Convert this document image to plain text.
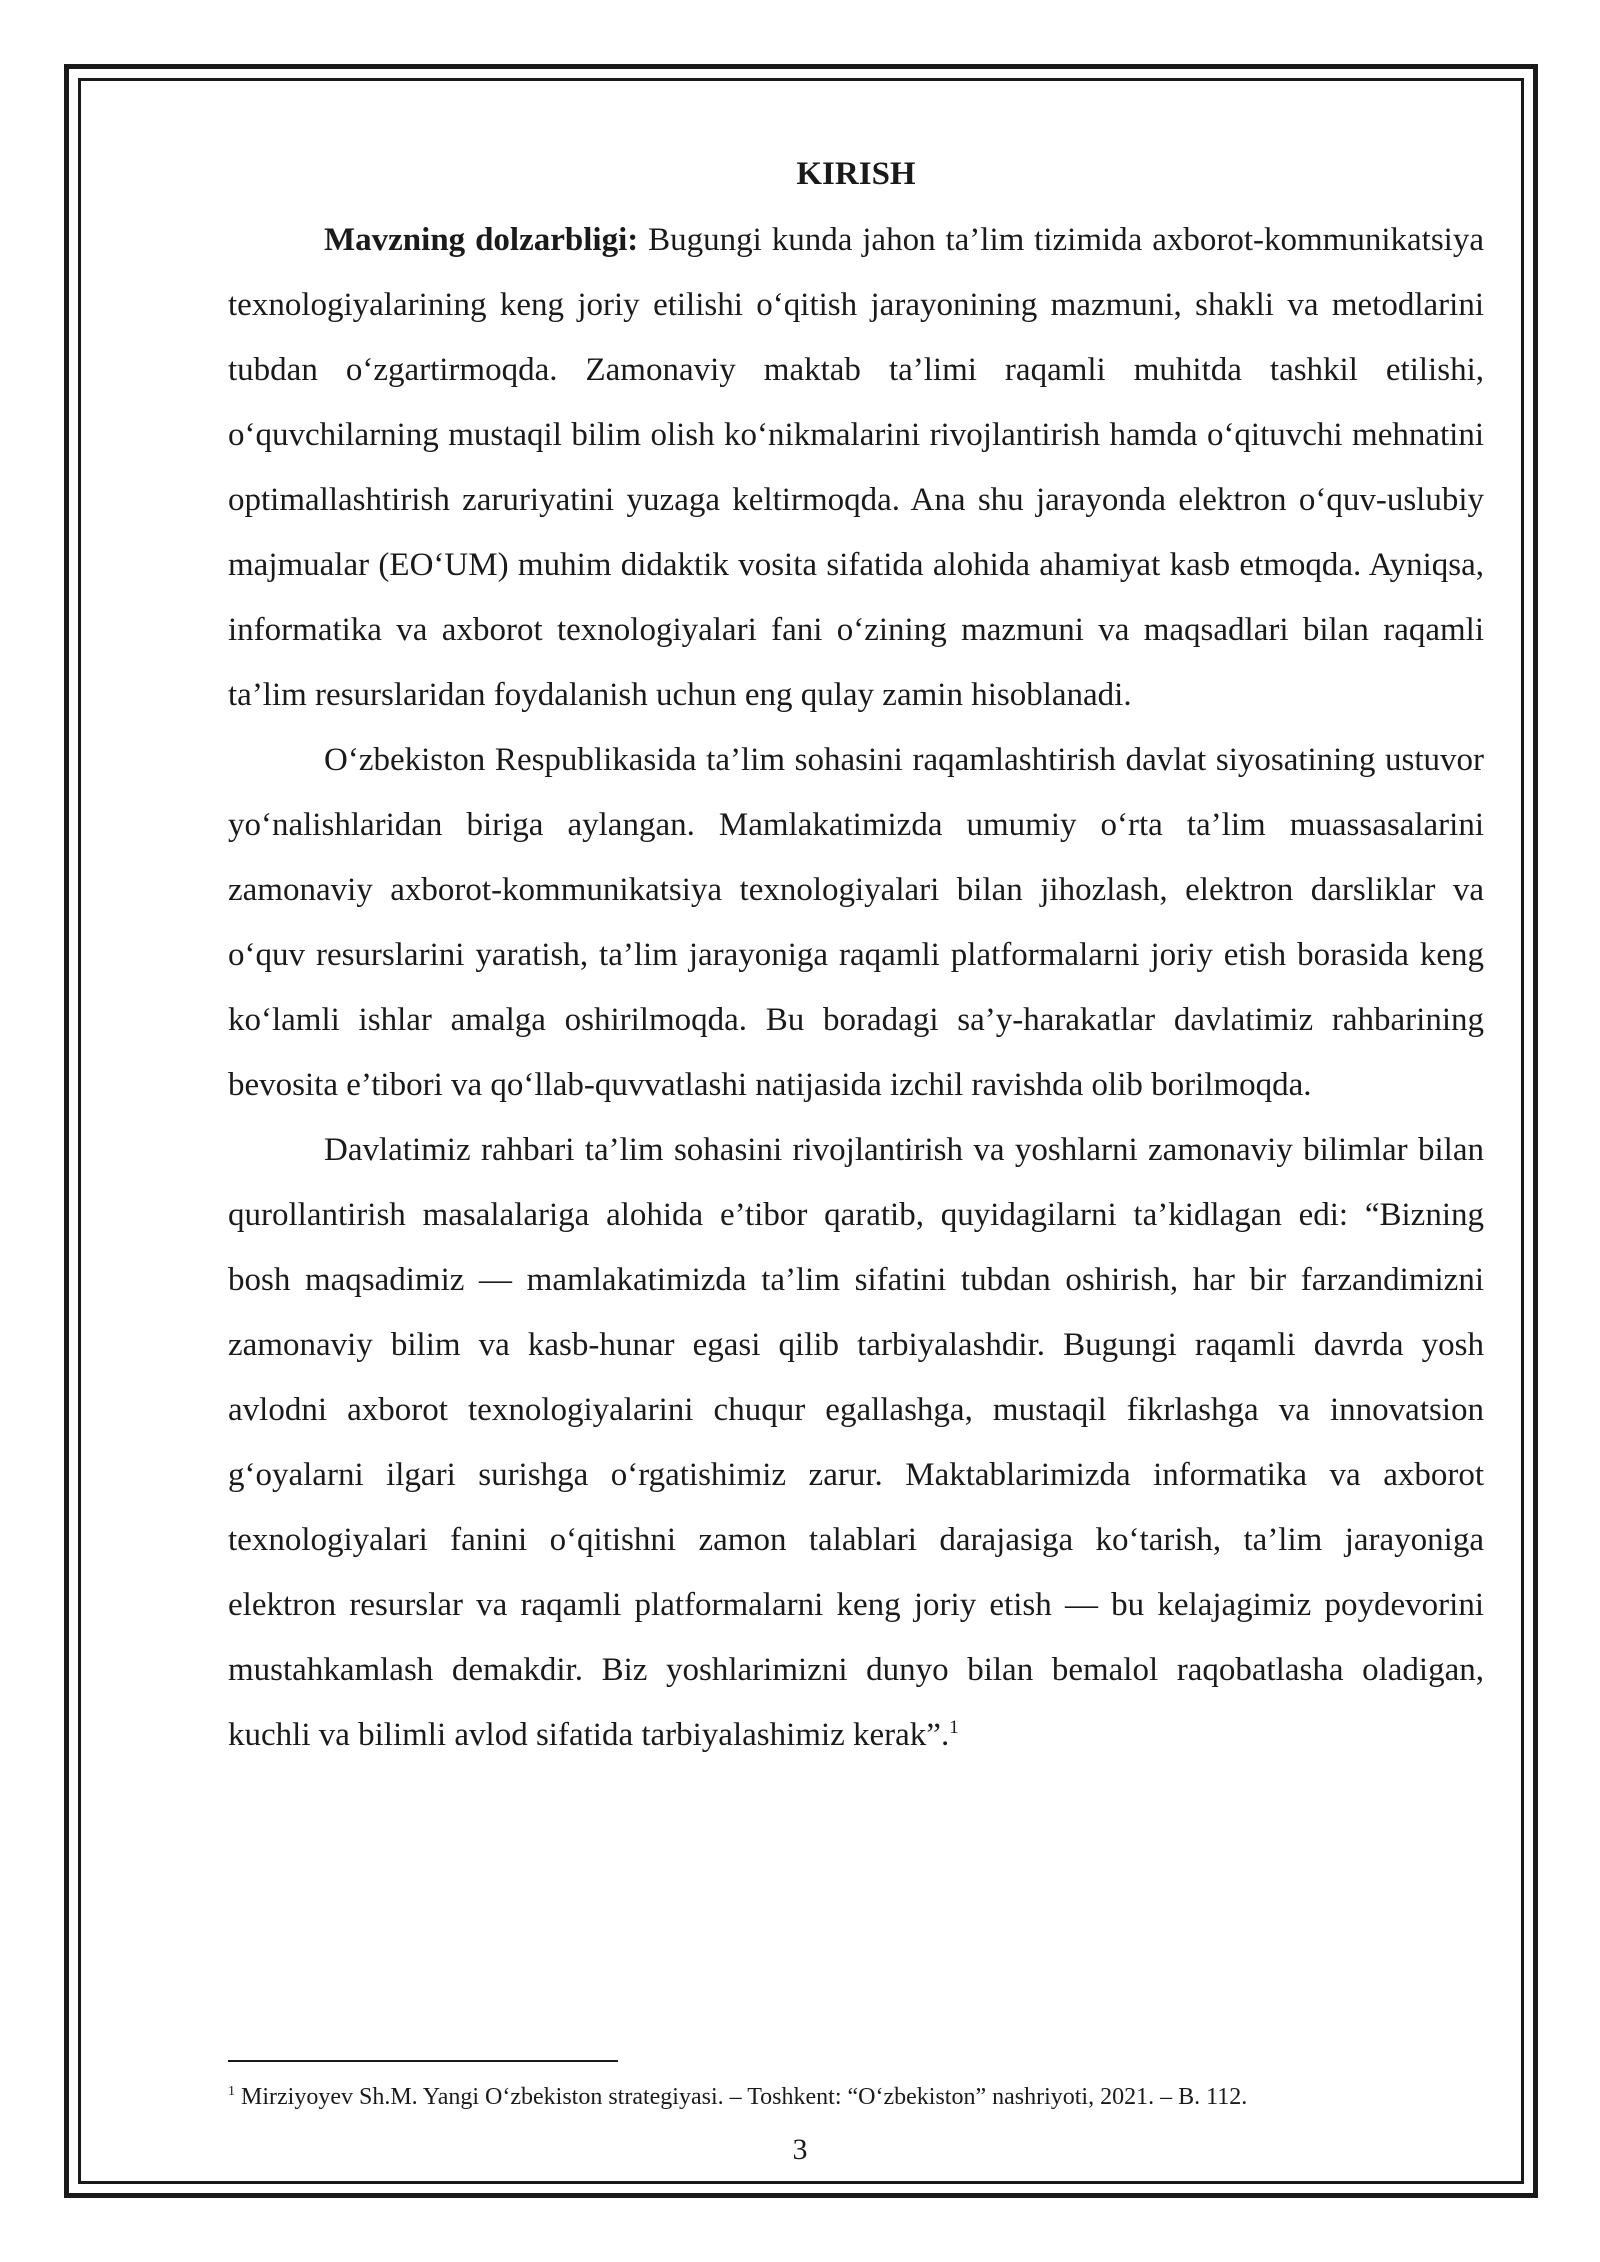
KIRISH

Mavzning dolzarbligi: Bugungi kunda jahon ta’lim tizimida axborot-kommunikatsiya texnologiyalarining keng joriy etilishi o‘qitish jarayonining mazmuni, shakli va metodlarini tubdan o‘zgartirmoqda. Zamonaviy maktab ta’limi raqamli muhitda tashkil etilishi, o‘quvchilarning mustaqil bilim olish ko‘nikmalarini rivojlantirish hamda o‘qituvchi mehnatini optimallashtirish zaruriyatini yuzaga keltirmoqda. Ana shu jarayonda elektron o‘quv-uslubiy majmualar (EO‘UM) muhim didaktik vosita sifatida alohida ahamiyat kasb etmoqda. Ayniqsa, informatika va axborot texnologiyalari fani o‘zining mazmuni va maqsadlari bilan raqamli ta’lim resurslaridan foydalanish uchun eng qulay zamin hisoblanadi.

O‘zbekiston Respublikasida ta’lim sohasini raqamlashtirish davlat siyosatining ustuvor yo‘nalishlaridan biriga aylangan. Mamlakatimizda umumiy o‘rta ta’lim muassasalarini zamonaviy axborot-kommunikatsiya texnologiyalari bilan jihozlash, elektron darsliklar va o‘quv resurslarini yaratish, ta’lim jarayoniga raqamli platformalarni joriy etish borasida keng ko‘lamli ishlar amalga oshirilmoqda. Bu boradagi sa’y-harakatlar davlatimiz rahbarining bevosita e’tibori va qo‘llab-quvvatlashi natijasida izchil ravishda olib borilmoqda.

Davlatimiz rahbari ta’lim sohasini rivojlantirish va yoshlarni zamonaviy bilimlar bilan qurollantirish masalalariga alohida e’tibor qaratib, quyidagilarni ta’kidlagan edi: “Bizning bosh maqsadimiz — mamlakatimizda ta’lim sifatini tubdan oshirish, har bir farzandimizni zamonaviy bilim va kasb-hunar egasi qilib tarbiyalashdir. Bugungi raqamli davrda yosh avlodni axborot texnologiyalarini chuqur egallashga, mustaqil fikrlashga va innovatsion g‘oyalarni ilgari surishga o‘rgatishimiz zarur. Maktablarimizda informatika va axborot texnologiyalari fanini o‘qitishni zamon talablari darajasiga ko‘tarish, ta’lim jarayoniga elektron resurslar va raqamli platformalarni keng joriy etish — bu kelajagimiz poydevorini mustahkamlash demakdir. Biz yoshlarimizni dunyo bilan bemalol raqobatlasha oladigan, kuchli va bilimli avlod sifatida tarbiyalashimiz kerak”.$^1$

$^1$ Mirziyoyev Sh.M. Yangi O‘zbekiston strategiyasi. – Toshkent: “O‘zbekiston” nashriyoti, 2021. – B. 112.
3
